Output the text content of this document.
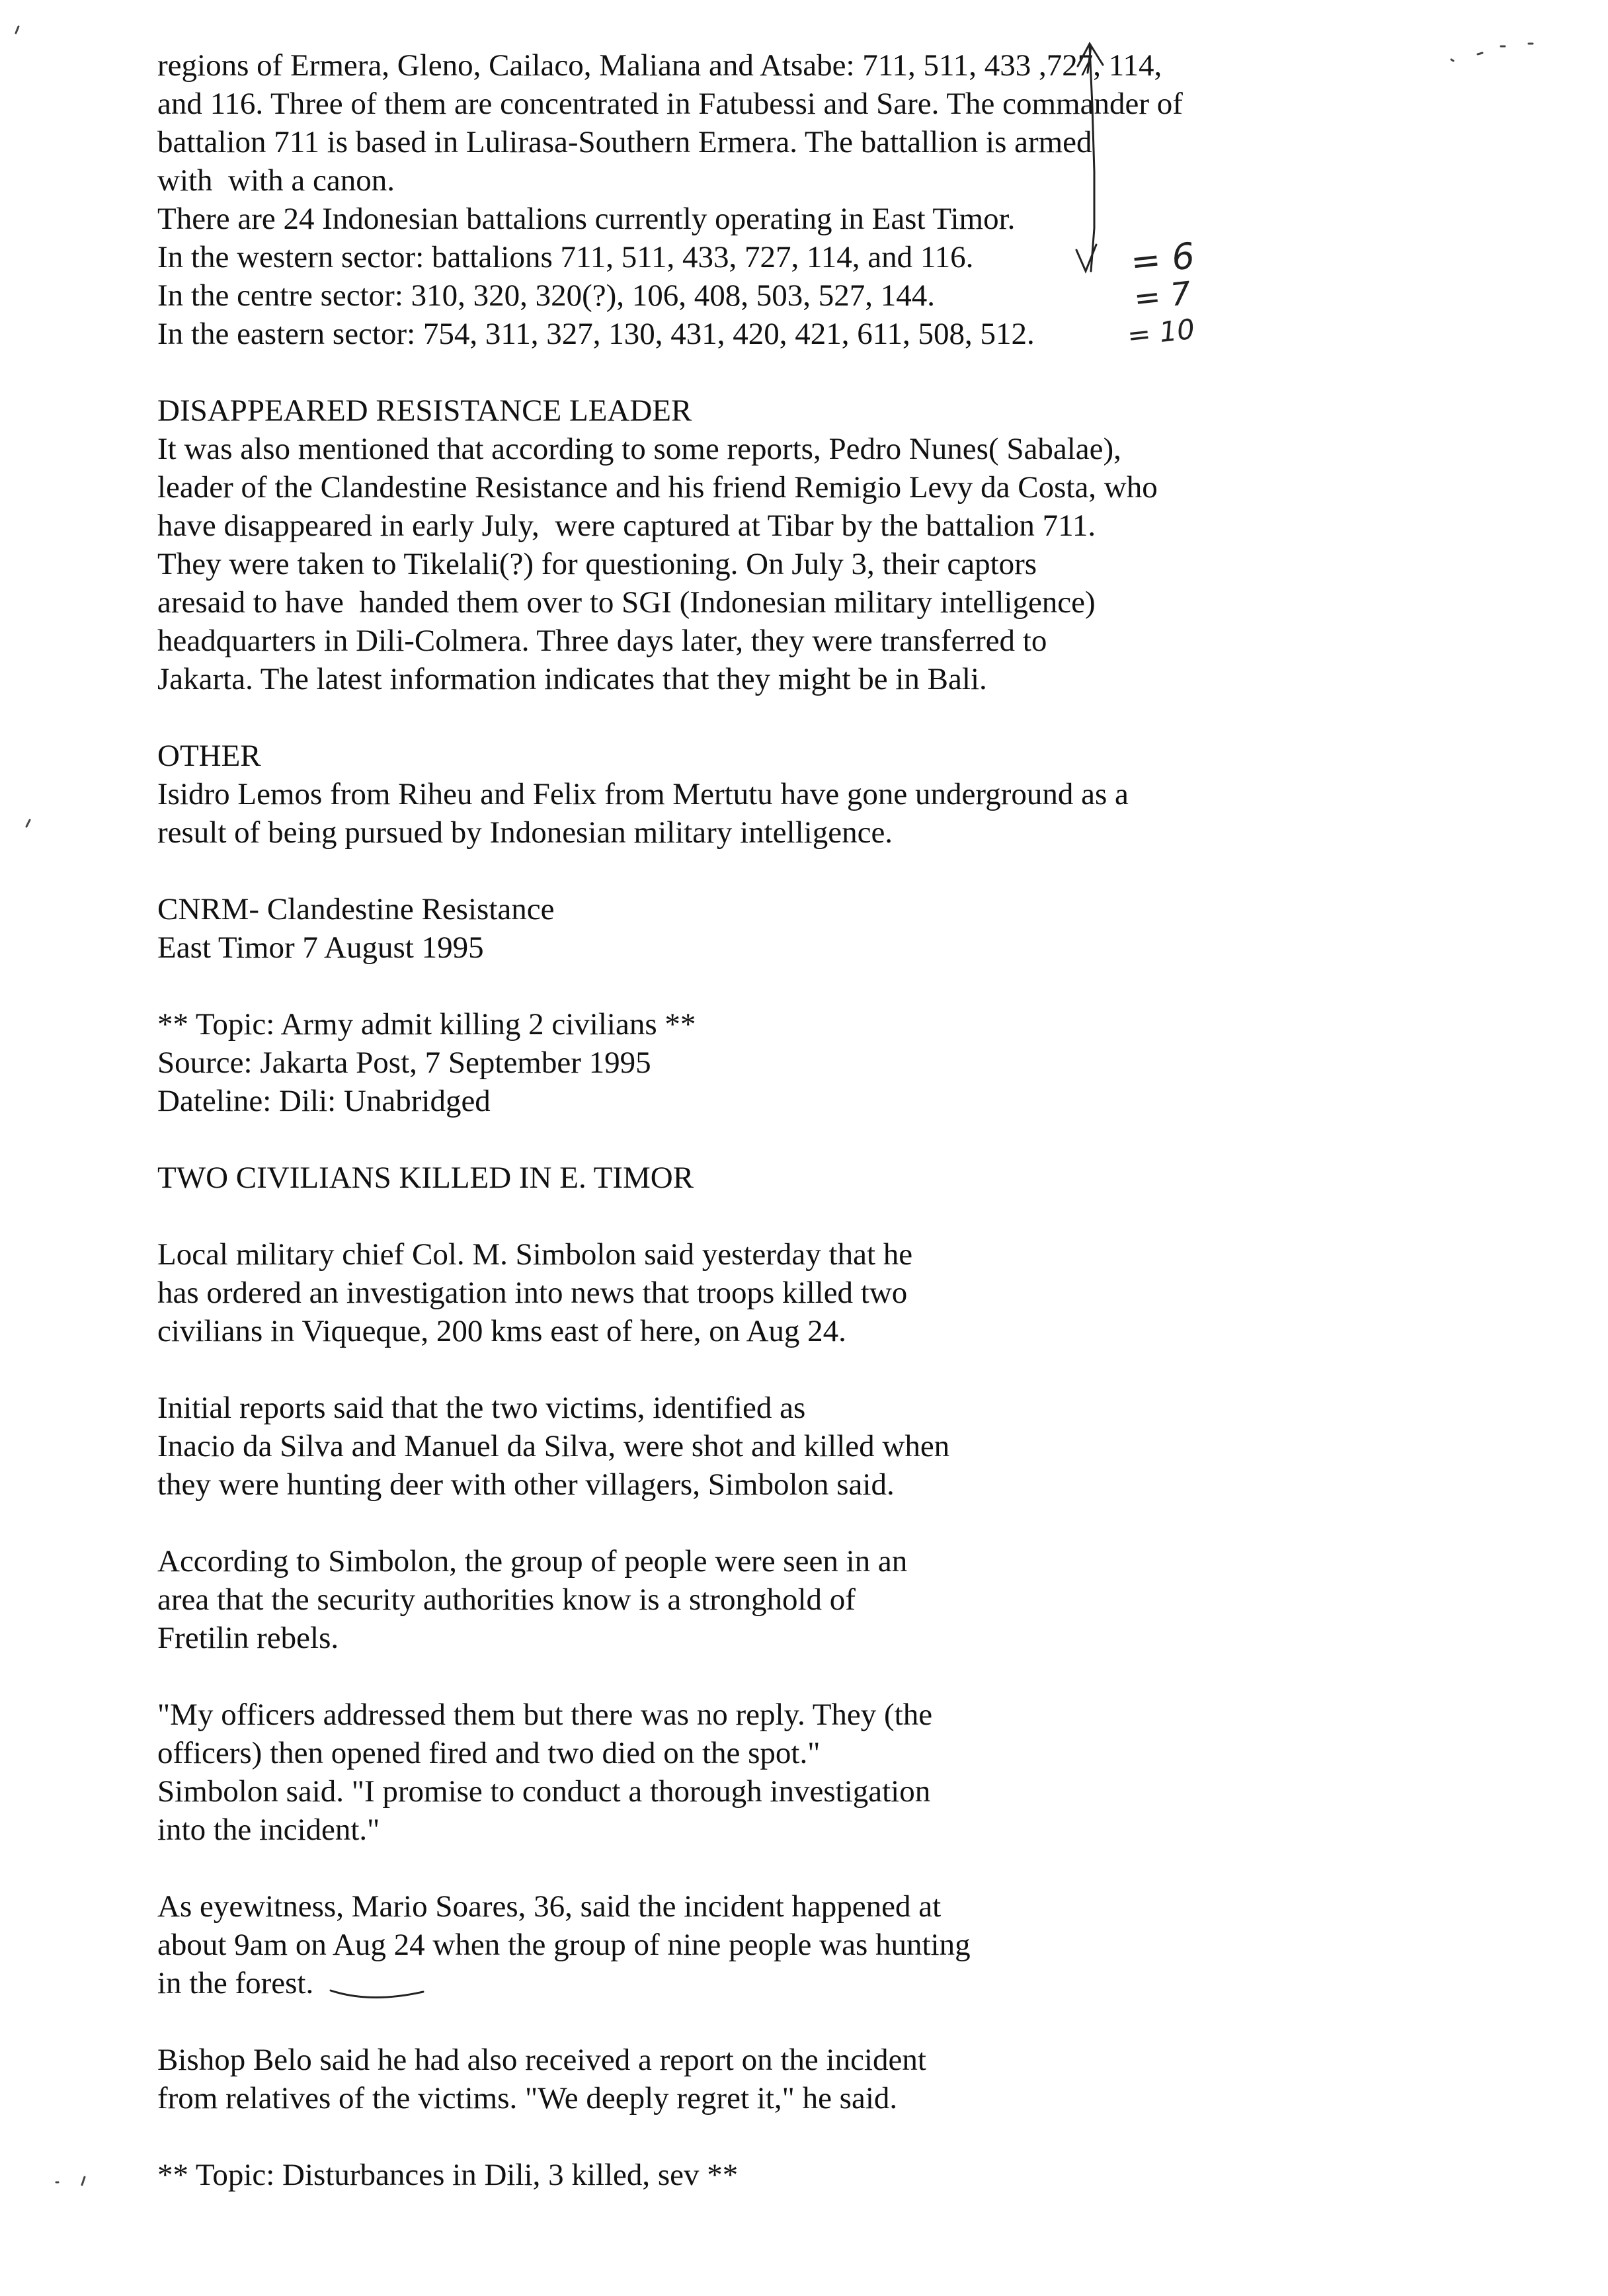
regions of Ermera, Gleno, Cailaco, Maliana and Atsabe: 711, 511, 433 ,727, 114,
and 116. Three of them are concentrated in Fatubessi and Sare. The commander of
battalion 711 is based in Lulirasa-Southern Ermera. The battallion is armed
with  with a canon.
There are 24 Indonesian battalions currently operating in East Timor.
In the western sector: battalions 711, 511, 433, 727, 114, and 116.
In the centre sector: 310, 320, 320(?), 106, 408, 503, 527, 144.
In the eastern sector: 754, 311, 327, 130, 431, 420, 421, 611, 508, 512.
DISAPPEARED RESISTANCE LEADER
It was also mentioned that according to some reports, Pedro Nunes( Sabalae),
leader of the Clandestine Resistance and his friend Remigio Levy da Costa, who
have disappeared in early July,  were captured at Tibar by the battalion 711.
They were taken to Tikelali(?) for questioning. On July 3, their captors
aresaid to have  handed them over to SGI (Indonesian military intelligence)
headquarters in Dili-Colmera. Three days later, they were transferred to
Jakarta. The latest information indicates that they might be in Bali.
OTHER
Isidro Lemos from Riheu and Felix from Mertutu have gone underground as a
result of being pursued by Indonesian military intelligence.
CNRM- Clandestine Resistance
East Timor 7 August 1995
** Topic: Army admit killing 2 civilians **
Source: Jakarta Post, 7 September 1995
Dateline: Dili: Unabridged
TWO CIVILIANS KILLED IN E. TIMOR
Local military chief Col. M. Simbolon said yesterday that he
has ordered an investigation into news that troops killed two
civilians in Viqueque, 200 kms east of here, on Aug 24.
Initial reports said that the two victims, identified as
Inacio da Silva and Manuel da Silva, were shot and killed when
they were hunting deer with other villagers, Simbolon said.
According to Simbolon, the group of people were seen in an
area that the security authorities know is a stronghold of
Fretilin rebels.
"My officers addressed them but there was no reply. They (the
officers) then opened fired and two died on the spot."
Simbolon said. "I promise to conduct a thorough investigation
into the incident."
As eyewitness, Mario Soares, 36, said the incident happened at
about 9am on Aug 24 when the group of nine people was hunting
in the forest.
Bishop Belo said he had also received a report on the incident
from relatives of the victims. "We deeply regret it," he said.
** Topic: Disturbances in Dili, 3 killed, sev **
= 6
= 7
= 10
